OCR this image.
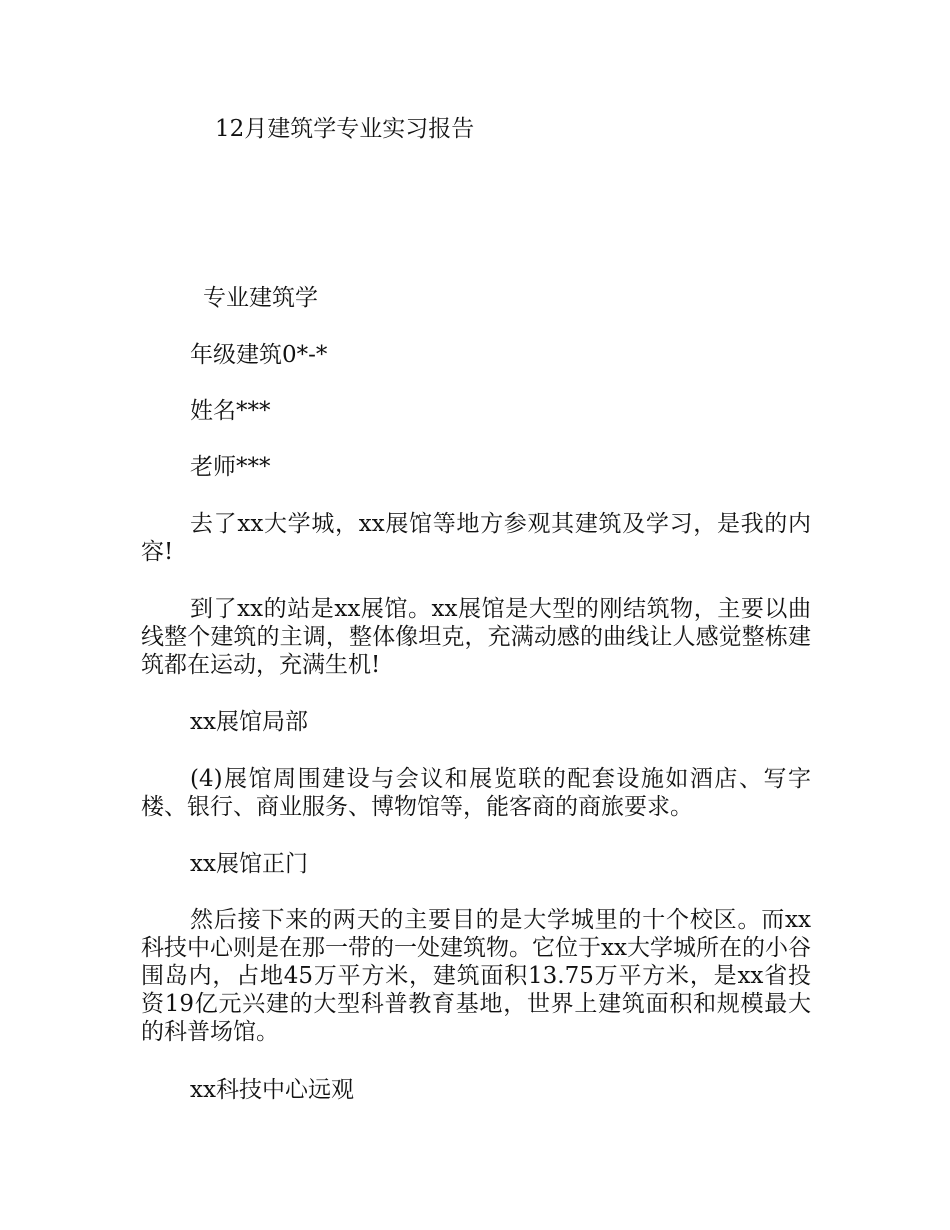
12月建筑学专业实习报告
专业建筑学
年级建筑0*-*
姓名***
老师***
去了xx大学城，xx展馆等地方参观其建筑及学习，是我的内容!
到了xx的站是xx展馆。xx展馆是大型的刚结筑物，主要以曲线整个建筑的主调，整体像坦克，充满动感的曲线让人感觉整栋建筑都在运动，充满生机!
xx展馆局部
(4)展馆周围建设与会议和展览联的配套设施如酒店、写字楼、银行、商业服务、博物馆等，能客商的商旅要求。
xx展馆正门
然后接下来的两天的主要目的是大学城里的十个校区。而xx科技中心则是在那一带的一处建筑物。它位于xx大学城所在的小谷围岛内，占地45万平方米，建筑面积13.75万平方米，是xx省投资19亿元兴建的大型科普教育基地，世界上建筑面积和规模最大的科普场馆。
xx科技中心远观
